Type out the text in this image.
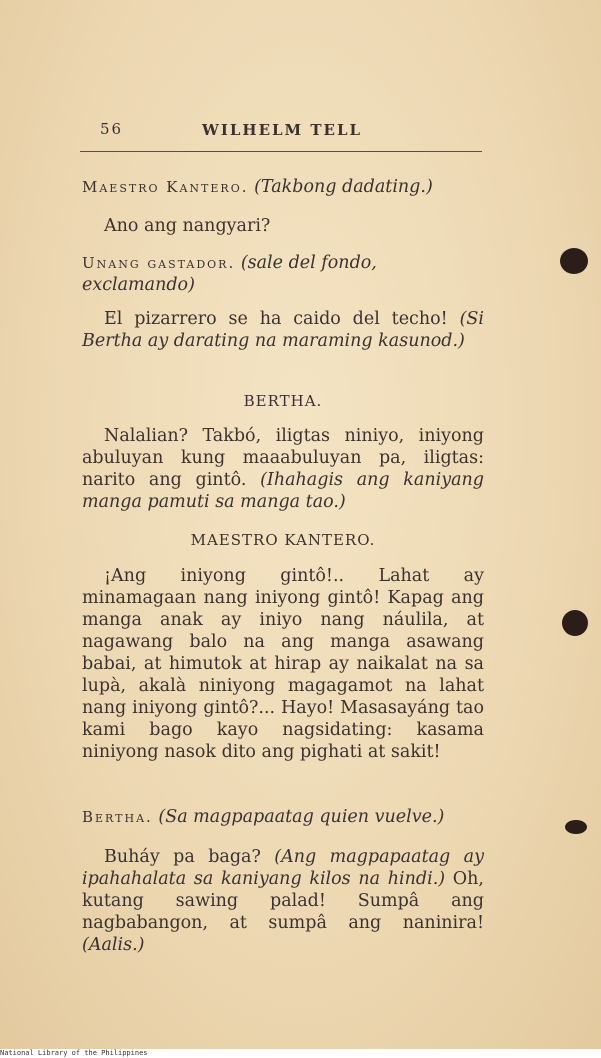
56	WILHELM TELL
Maestro Kantero. (Takbong dadating.)
Ano ang nangyari?
Unang gastador. (sale del fondo, exclamando)
El pizarrero se ha caido del techo! (Si Bertha ay darating na maraming kasunod.)
BERTHA.
Nalalian? Takbó, iligtas niniyo, iniyong abuluyan kung maaabuluyan pa, iligtas: narito ang gintô. (Ihahagis ang kaniyang manga pamuti sa manga tao.)
MAESTRO KANTERO.
¡Ang iniyong gintô!.. Lahat ay minamagaan nang iniyong gintô! Kapag ang manga anak ay iniyo nang náulila, at nagawang balo na ang manga asawang babai, at himutok at hirap ay naikalat na sa lupà, akalà niniyong magagamot na lahat nang iniyong gintô?... Hayo! Masasayáng tao kami bago kayo nagsidating: kasama niniyong nasok dito ang pighati at sakit!
Bertha. (Sa magpapaatag quien vuelve.)
Buháy pa baga? (Ang magpapaatag ay ipahahalata sa kaniyang kilos na hindi.) Oh, kutang sawing palad! Sumpâ ang nagbabangon, at sumpâ ang naninira! (Aalis.)
National Library of the Philippines
